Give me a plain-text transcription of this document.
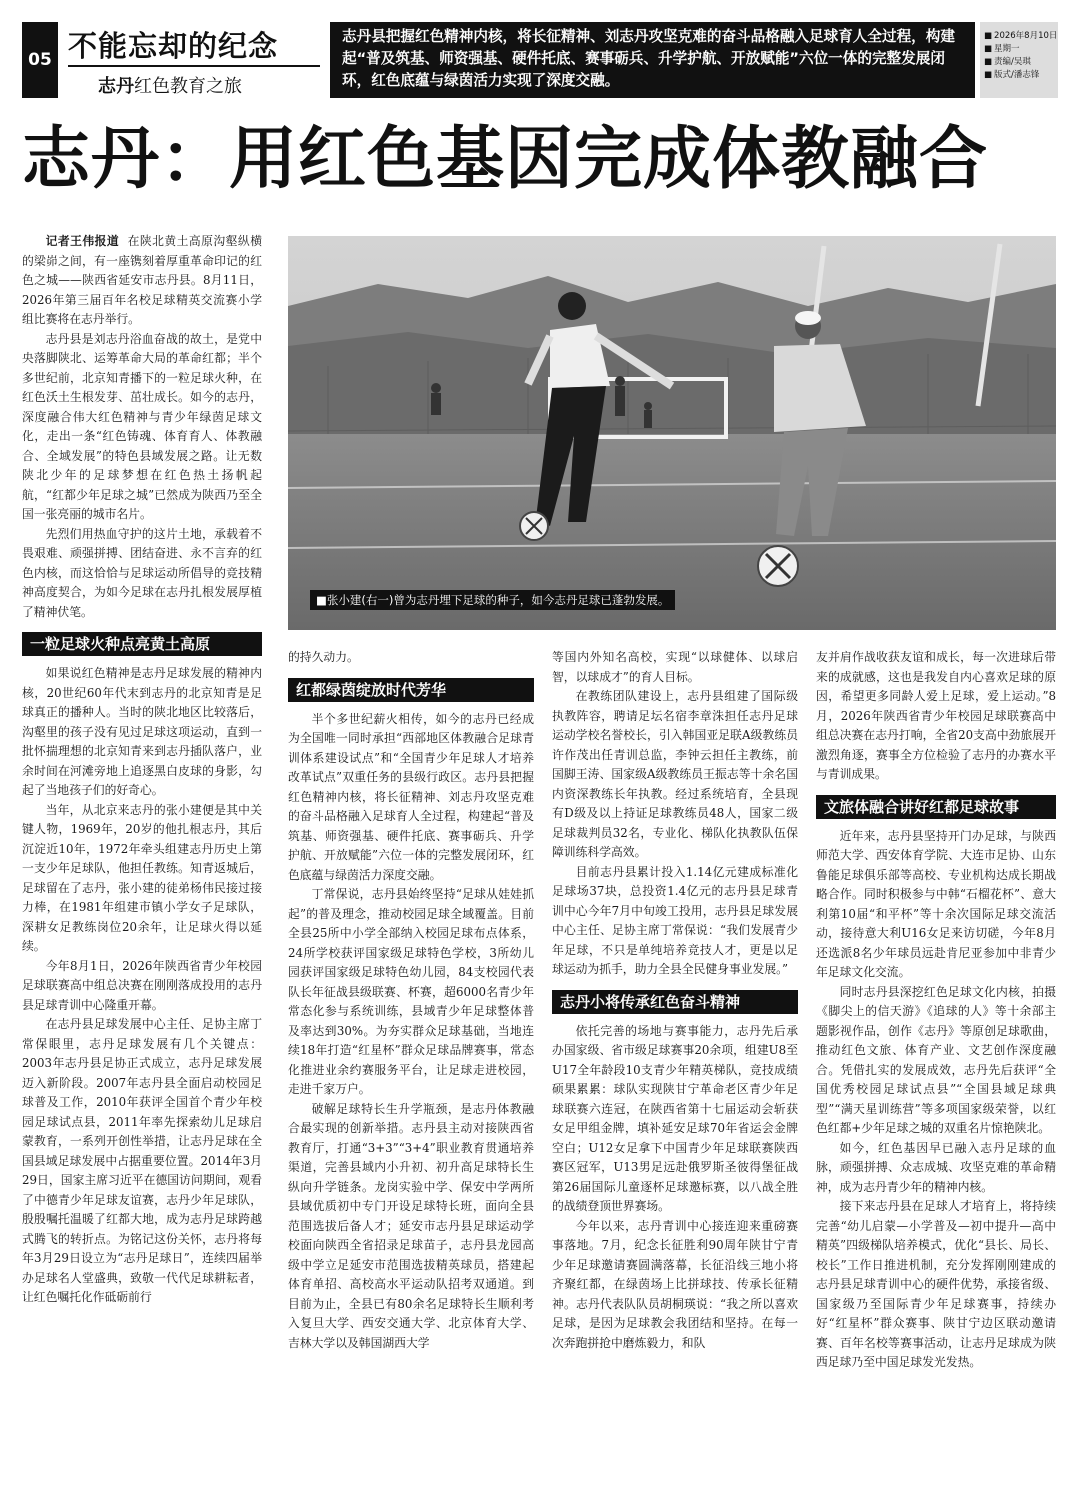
05 不能忘却的纪念
志丹红色教育之旅
志丹县把握红色精神内核，将长征精神、刘志丹攻坚克难的奋斗品格融入足球育人全过程，构建起“普及筑基、师资强基、硬件托底、赛事砺兵、升学护航、开放赋能”六位一体的完整发展闭环，红色底蕴与绿茵活力实现了深度交融。
■ 2026年8月10日
■ 星期一
■ 责编/吴琪
■ 版式/潘志锋
志丹：用红色基因完成体教融合
■张小建(右一)曾为志丹埋下足球的种子，如今志丹足球已蓬勃发展。

记者王伟报道 在陕北黄土高原沟壑纵横的梁峁之间，有一座镌刻着厚重革命印记的红色之城——陕西省延安市志丹县。8月11日，2026年第三届百年名校足球精英交流赛小学组比赛将在志丹举行。

志丹县是刘志丹浴血奋战的故土，是党中央落脚陕北、运筹革命大局的革命红都；半个多世纪前，北京知青播下的一粒足球火种，在红色沃土生根发芽、茁壮成长。如今的志丹，深度融合伟大红色精神与青少年绿茵足球文化，走出一条“红色铸魂、体育育人、体教融合、全域发展”的特色县域发展之路。让无数陕北少年的足球梦想在红色热土扬帆起航，“红都少年足球之城”已然成为陕西乃至全国一张亮丽的城市名片。

先烈们用热血守护的这片土地，承载着不畏艰难、顽强拼搏、团结奋进、永不言弃的红色内核，而这恰恰与足球运动所倡导的竞技精神高度契合，为如今足球在志丹扎根发展厚植了精神伏笔。

一粒足球火种点亮黄土高原

如果说红色精神是志丹足球发展的精神内核，20世纪60年代末到志丹的北京知青是足球真正的播种人。当时的陕北地区比较落后，沟壑里的孩子没有见过足球这项运动，直到一批怀揣理想的北京知青来到志丹插队落户，业余时间在河滩旁地上追逐黑白皮球的身影，勾起了当地孩子们的好奇心。

当年，从北京来志丹的张小建便是其中关键人物，1969年，20岁的他扎根志丹，其后沉淀近10年，1972年牵头组建志丹历史上第一支少年足球队，他担任教练。知青返城后，足球留在了志丹，张小建的徒弟杨伟民接过接力棒，在1981年组建市镇小学女子足球队，深耕女足教练岗位20余年，让足球火得以延续。

今年8月1日，2026年陕西省青少年校园足球联赛高中组总决赛在刚刚落成投用的志丹县足球青训中心隆重开幕。

在志丹县足球发展中心主任、足协主席丁常保眼里，志丹足球发展有几个关键点：2003年志丹县足协正式成立，志丹足球发展迈入新阶段。2007年志丹县全面启动校园足球普及工作，2010年获评全国首个青少年校园足球试点县，2011年率先探索幼儿足球启蒙教育，一系列开创性举措，让志丹足球在全国县域足球发展中占据重要位置。2014年3月29日，国家主席习近平在德国访问期间，观看了中德青少年足球友谊赛，志丹少年足球队，殷殷嘱托温暖了红都大地，成为志丹足球跨越式腾飞的转折点。为铭记这份关怀，志丹将每年3月29日设立为“志丹足球日”，连续四届举办足球名人堂盛典，致敬一代代足球耕耘者，让红色嘱托化作砥砺前行

的持久动力。

红都绿茵绽放时代芳华

半个多世纪薪火相传，如今的志丹已经成为全国唯一同时承担“西部地区体教融合足球青训体系建设试点”和“全国青少年足球人才培养改革试点”双重任务的县级行政区。志丹县把握红色精神内核，将长征精神、刘志丹攻坚克难的奋斗品格融入足球育人全过程，构建起“普及筑基、师资强基、硬件托底、赛事砺兵、升学护航、开放赋能”六位一体的完整发展闭环，红色底蕴与绿茵活力深度交融。

丁常保说，志丹县始终坚持“足球从娃娃抓起”的普及理念，推动校园足球全域覆盖。目前全县25所中小学全部纳入校园足球布点体系，24所学校获评国家级足球特色学校，3所幼儿园获评国家级足球特色幼儿园，84支校园代表队长年征战县级联赛、杯赛，超6000名青少年常态化参与系统训练，县域青少年足球整体普及率达到30%。为夯实群众足球基础，当地连续18年打造“红星杯”群众足球品牌赛事，常态化推进业余约赛服务平台，让足球走进校园，走进千家万户。

破解足球特长生升学瓶颈，是志丹体教融合最实现的创新举措。志丹县主动对接陕西省教育厅，打通“3+3”“3+4”职业教育贯通培养渠道，完善县域内小升初、初升高足球特长生纵向升学链条。龙岗实验中学、保安中学两所县域优质初中专门开设足球特长班，面向全县范围选拔后备人才；延安市志丹县足球运动学校面向陕西全省招录足球苗子，志丹县龙园高级中学立足延安市范围选拔精英球员，搭建起体育单招、高校高水平运动队招考双通道。到目前为止，全县已有80余名足球特长生顺利考入复旦大学、西安交通大学、北京体育大学、吉林大学以及韩国湖西大学

等国内外知名高校，实现“以球健体、以球启智，以球成才”的育人目标。

在教练团队建设上，志丹县组建了国际级执教阵容，聘请足坛名宿李章洙担任志丹足球运动学校名誉校长，引入韩国亚足联A级教练员许作茂出任青训总监，李钟云担任主教练，前国脚王涛、国家级A级教练员王振志等十余名国内资深教练长年执教。经过系统培育，全县现有D级及以上持证足球教练员48人，国家二级足球裁判员32名，专业化、梯队化执教队伍保障训练科学高效。

目前志丹县累计投入1.14亿元建成标准化足球场37块，总投资1.4亿元的志丹县足球青训中心今年7月中旬竣工投用，志丹县足球发展中心主任、足协主席丁常保说：“我们发展青少年足球，不只是单纯培养竞技人才，更是以足球运动为抓手，助力全县全民健身事业发展。”

志丹小将传承红色奋斗精神

依托完善的场地与赛事能力，志丹先后承办国家级、省市级足球赛事20余项，组建U8至U17全年龄段10支青少年精英梯队，竞技成绩硕果累累：球队实现陕甘宁革命老区青少年足球联赛六连冠，在陕西省第十七届运动会斩获女足甲组金牌，填补延安足球70年省运会金牌空白；U12女足拿下中国青少年足球联赛陕西赛区冠军，U13男足远赴俄罗斯圣彼得堡征战第26届国际儿童逐杯足球邀标赛，以八战全胜的战绩登顶世界赛场。

今年以来，志丹青训中心接连迎来重磅赛事落地。7月，纪念长征胜利90周年陕甘宁青少年足球邀请赛圆满落幕，长征沿线三地小将齐聚红都，在绿茵场上比拼球技、传承长征精神。志丹代表队队员胡桐瑛说：“我之所以喜欢足球，是因为足球教会我团结和坚持。在每一次奔跑拼抢中磨炼毅力，和队

友并肩作战收获友谊和成长，每一次进球后带来的成就感，这也是我发自内心喜欢足球的原因，希望更多同龄人爱上足球，爱上运动。”8月，2026年陕西省青少年校园足球联赛高中组总决赛在志丹打响，全省20支高中劲旅展开激烈角逐，赛事全方位检验了志丹的办赛水平与青训成果。

文旅体融合讲好红都足球故事

近年来，志丹县坚持开门办足球，与陕西师范大学、西安体育学院、大连市足协、山东鲁能足球俱乐部等高校、专业机构达成长期战略合作。同时积极参与中韩“石榴花杯”、意大利第10届“和平杯”等十余次国际足球交流活动，接待意大利U16女足来访切磋，今年8月还选派8名少年球员远赴肯尼亚参加中非青少年足球文化交流。

同时志丹县深挖红色足球文化内核，拍摄《脚尖上的信天游》《追球的人》等十余部主题影视作品，创作《志丹》等原创足球歌曲，推动红色文旅、体育产业、文艺创作深度融合。凭借扎实的发展成效，志丹先后获评“全国优秀校园足球试点县”“全国县域足球典型”“满天星训练营”等多项国家级荣誉，以红色红都+少年足球之城的双重名片惊艳陕北。

如今，红色基因早已融入志丹足球的血脉，顽强拼搏、众志成城、攻坚克难的革命精神，成为志丹青少年的精神内核。

接下来志丹县在足球人才培育上，将持续完善“幼儿启蒙—小学普及—初中提升—高中精英”四级梯队培养模式，优化“县长、局长、校长”工作日推进机制，充分发挥刚刚建成的志丹县足球青训中心的硬件优势，承接省级、国家级乃至国际青少年足球赛事，持续办好“红星杯”群众赛事、陕甘宁边区联动邀请赛、百年名校等赛事活动，让志丹足球成为陕西足球乃至中国足球发光发热。
